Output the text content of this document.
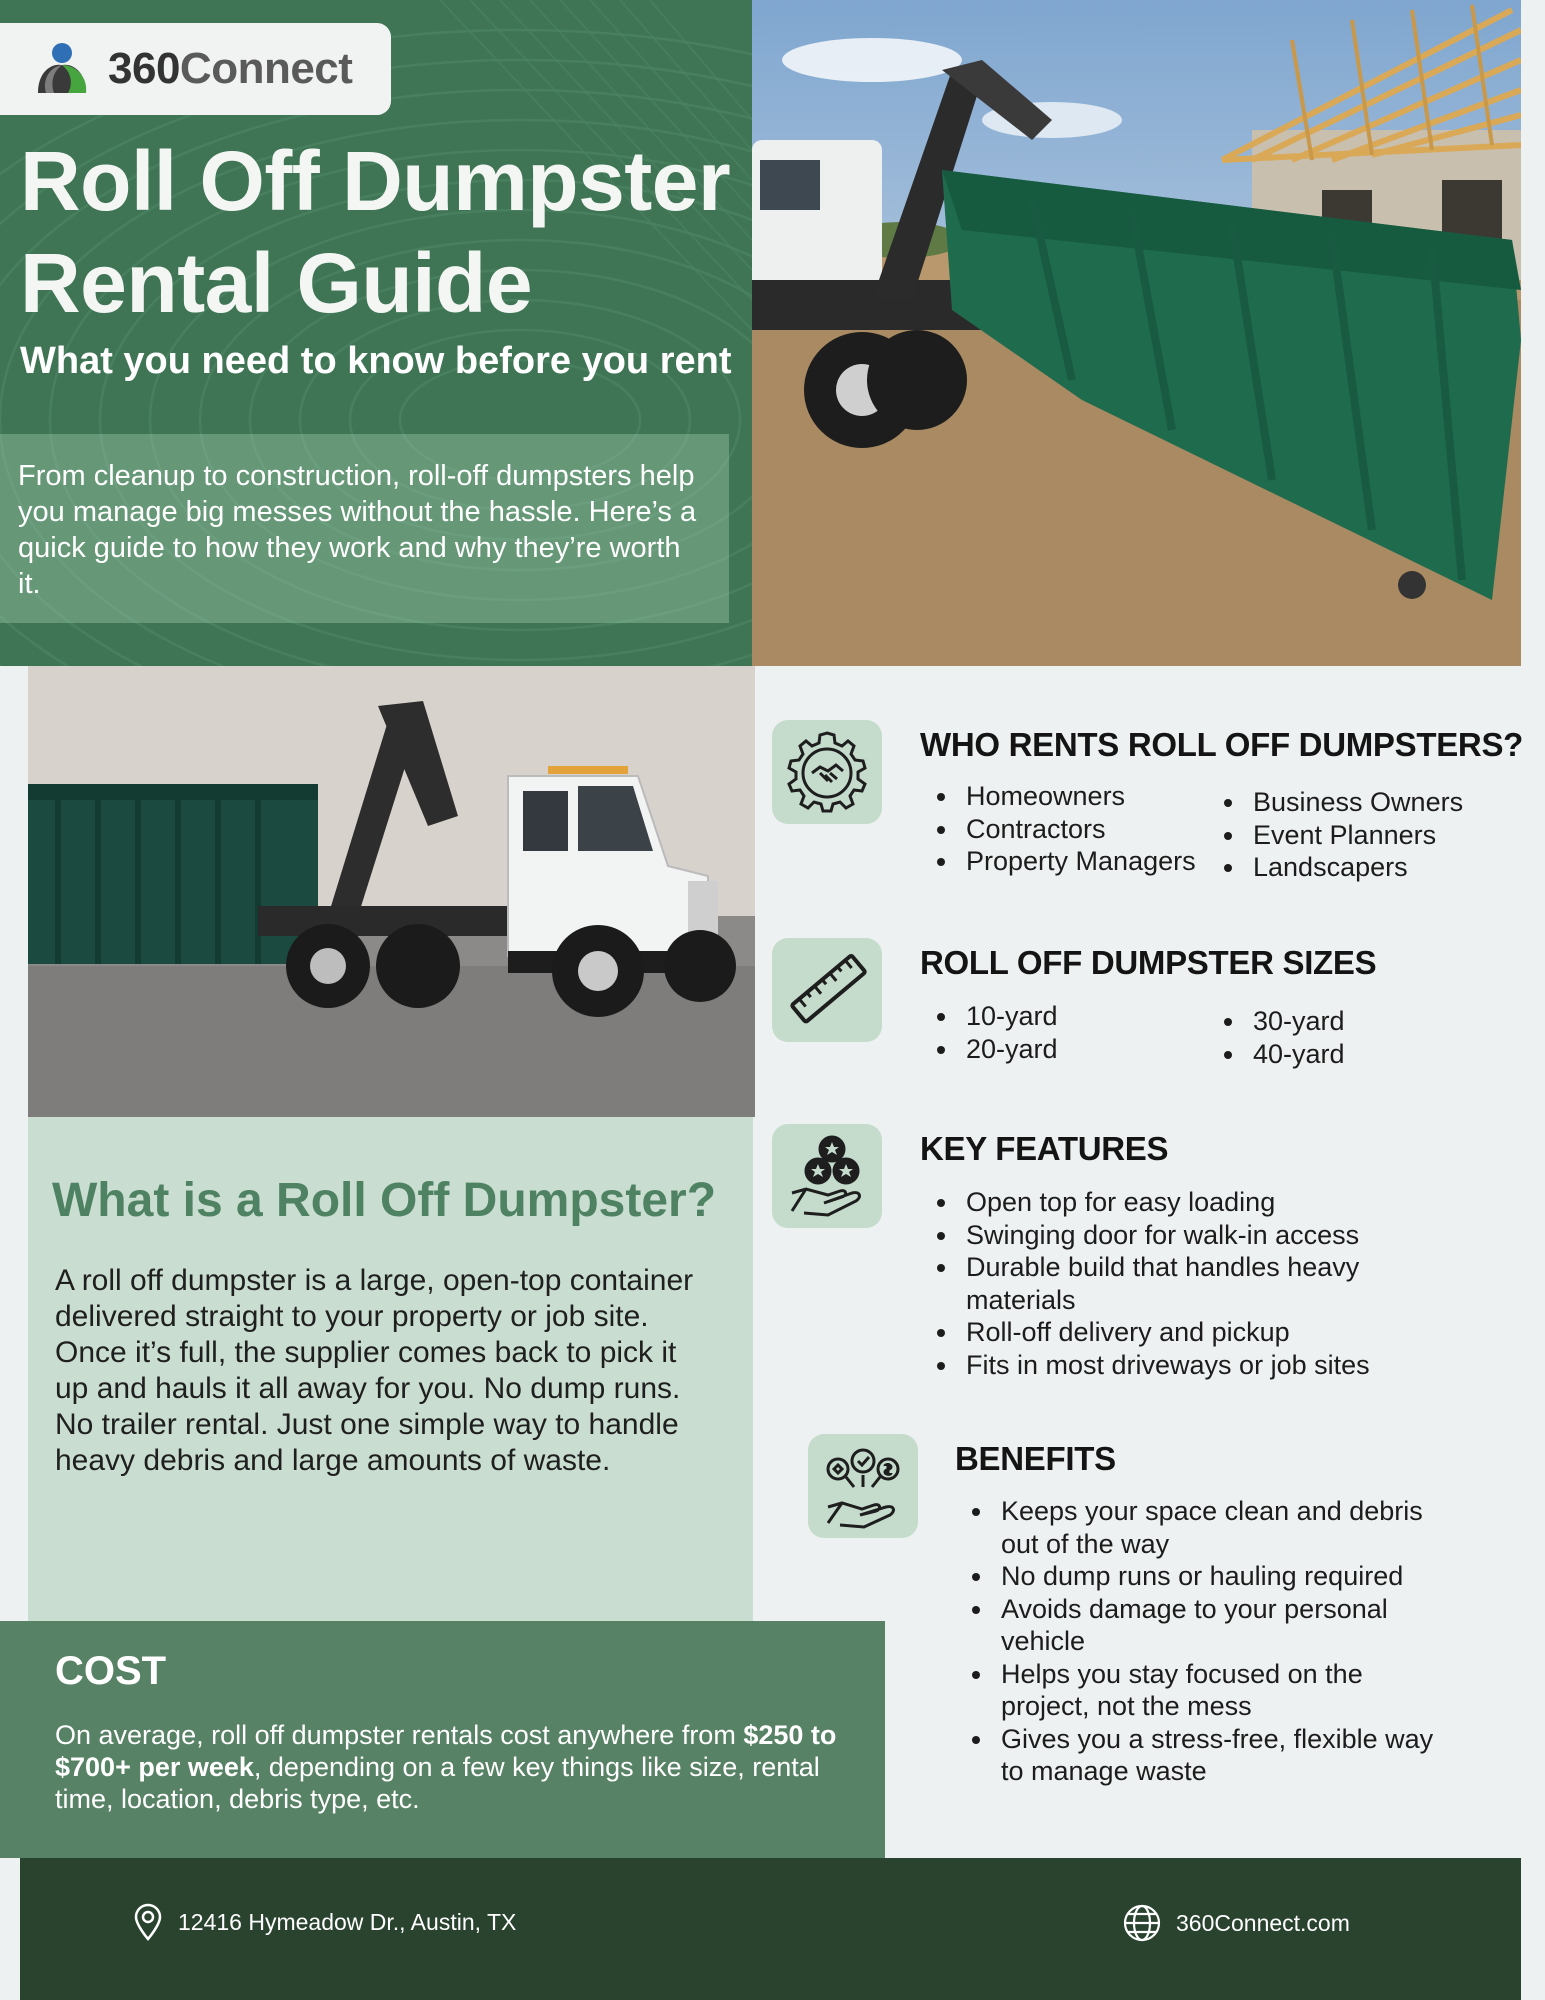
360Connect
Roll Off Dumpster
Rental Guide
What you need to know before you rent

From cleanup to construction, roll-off dumpsters help you manage big messes without the hassle. Here’s a quick guide to how they work and why they’re worth it.

What is a Roll Off Dumpster?

A roll off dumpster is a large, open-top container delivered straight to your property or job site. Once it’s full, the supplier comes back to pick it up and hauls it all away for you. No dump runs. No trailer rental. Just one simple way to handle heavy debris and large amounts of waste.

COST

On average, roll off dumpster rentals cost anywhere from $250 to $700+ per week, depending on a few key things like size, rental time, location, debris type, etc.

WHO RENTS ROLL OFF DUMPSTERS?
Homeowners
Contractors
Property Managers
Business Owners
Event Planners
Landscapers
ROLL OFF DUMPSTER SIZES
10-yard
20-yard
30-yard
40-yard
KEY FEATURES
Open top for easy loading
Swinging door for walk-in access
Durable build that handles heavy materials
Roll-off delivery and pickup
Fits in most driveways or job sites
BENEFITS
Keeps your space clean and debris out of the way
No dump runs or hauling required
Avoids damage to your personal vehicle
Helps you stay focused on the project, not the mess
Gives you a stress-free, flexible way to manage waste
12416 Hymeadow Dr., Austin, TX	360Connect.com
